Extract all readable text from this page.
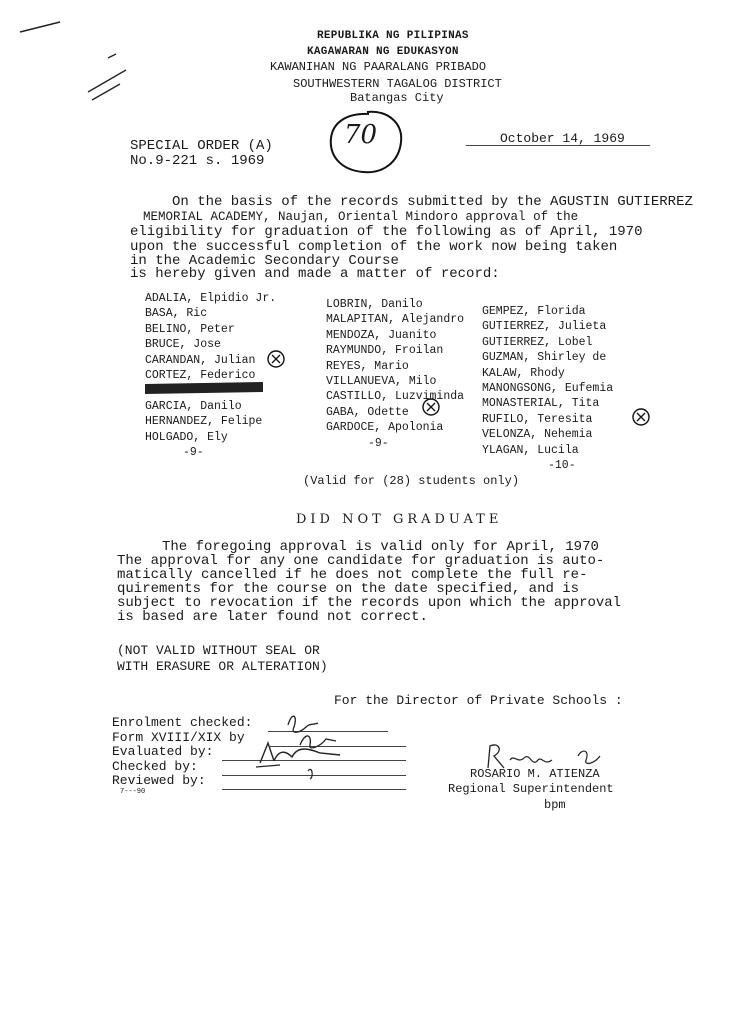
REPUBLIKA NG PILIPINAS
KAGAWARAN NG EDUKASYON
KAWANIHAN NG PAARALANG PRIBADO
SOUTHWESTERN TAGALOG DISTRICT
Batangas City
70
SPECIAL ORDER (A)
No.9-221 s. 1969
October 14, 1969
On the basis of the records submitted by the AGUSTIN GUTIERREZ
MEMORIAL ACADEMY, Naujan, Oriental Mindoro approval of the
eligibility for graduation of the following as of April, 1970
upon the successful completion of the work now being taken
in the Academic Secondary Course
is hereby given and made a matter of record:
ADALIA, Elpidio Jr.
BASA, Ric
BELINO, Peter
BRUCE, Jose
CARANDAN, Julian
CORTEZ, Federico
GARCIA, Danilo
HERNANDEZ, Felipe
HOLGADO, Ely
-9-
LOBRIN, Danilo
MALAPITAN, Alejandro
MENDOZA, Juanito
RAYMUNDO, Froilan
REYES, Mario
VILLANUEVA, Milo
CASTILLO, Luzviminda
GABA, Odette
GARDOCE, Apolonia
-9-
GEMPEZ, Florida
GUTIERREZ, Julieta
GUTIERREZ, Lobel
GUZMAN, Shirley de
KALAW, Rhody
MANONGSONG, Eufemia
MONASTERIAL, Tita
RUFILO, Teresita
VELONZA, Nehemia
YLAGAN, Lucila
-10-
(Valid for (28) students only)
DID NOT GRADUATE
The foregoing approval is valid only for April, 1970
The approval for any one candidate for graduation is auto-
matically cancelled if he does not complete the full re-
quirements for the course on the date specified, and is
subject to revocation if the records upon which the approval
is based are later found not correct.
(NOT VALID WITHOUT SEAL OR
WITH ERASURE OR ALTERATION)
For the Director of Private Schools :
Enrolment checked:
Form XVIII/XIX by
Evaluated by:
Checked by:
Reviewed by:
7---90
ROSARIO M. ATIENZA
Regional Superintendent
bpm
